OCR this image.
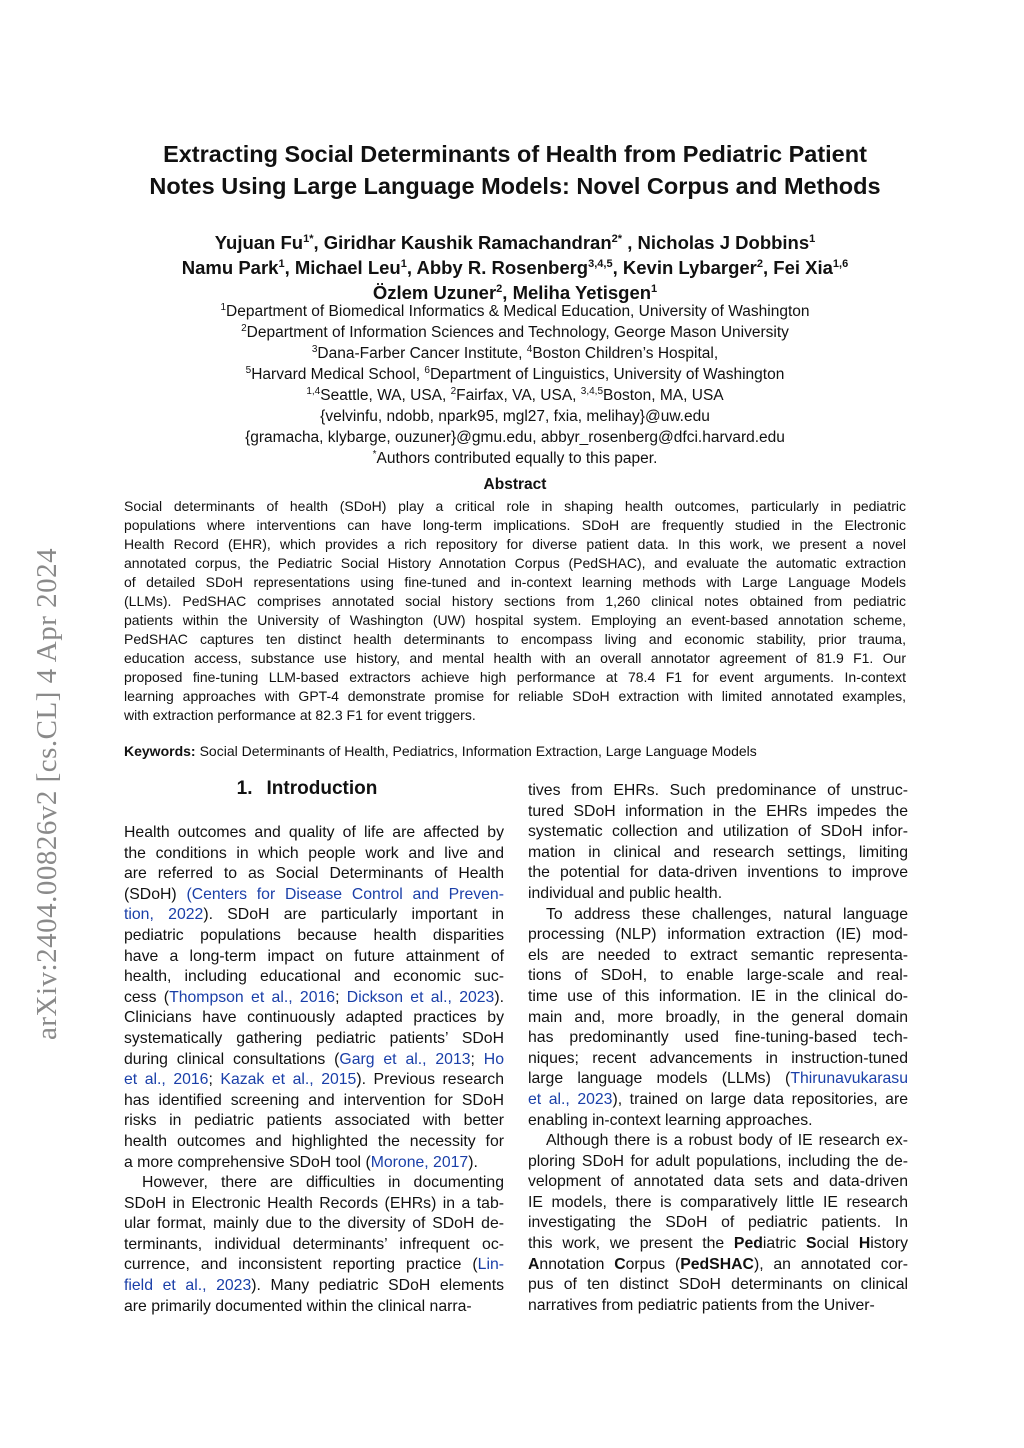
arXiv:2404.00826v2 [cs.CL] 4 Apr 2024
Extracting Social Determinants of Health from Pediatric Patient
Notes Using Large Language Models: Novel Corpus and Methods
Yujuan $Fu^{1*}$, Giridhar Kaushik Ramachandran$^{2*}$ , Nicholas J Dobbins$^1$
Namu Park$^1$, Michael Leu$^1$, Abby R. Rosenberg$^{3,4,5}$, Kevin Lybarger$^2$, Fei Xia$^{1,6}$
Özlem Uzuner$^2$, Meliha Yetisgen$^1$
$^1$Department of Biomedical Informatics & Medical Education, University of Washington
$^2$Department of Information Sciences and Technology, George Mason University
$^3$Dana-Farber Cancer Institute, $^4$Boston Children’s Hospital,
$^5$Harvard Medical School, $^6$Department of Linguistics, University of Washington
$^{1,4}$Seattle, WA, USA, $^2$Fairfax, VA, USA, $^{3,4,5}$Boston, MA, USA
{velvinfu, ndobb, npark95, mgl27, fxia, melihay}@uw.edu
{gramacha, klybarge, ouzuner}@gmu.edu, abbyr_rosenberg@dfci.harvard.edu
*Authors contributed equally to this paper.
Abstract
Social determinants of health (SDoH) play a critical role in shaping health outcomes, particularly in pediatric
populations where interventions can have long-term implications. SDoH are frequently studied in the Electronic
Health Record (EHR), which provides a rich repository for diverse patient data. In this work, we present a novel
annotated corpus, the Pediatric Social History Annotation Corpus (PedSHAC), and evaluate the automatic extraction
of detailed SDoH representations using fine-tuned and in-context learning methods with Large Language Models
(LLMs). PedSHAC comprises annotated social history sections from 1,260 clinical notes obtained from pediatric
patients within the University of Washington (UW) hospital system. Employing an event-based annotation scheme,
PedSHAC captures ten distinct health determinants to encompass living and economic stability, prior trauma,
education access, substance use history, and mental health with an overall annotator agreement of 81.9 F1. Our
proposed fine-tuning LLM-based extractors achieve high performance at 78.4 F1 for event arguments. In-context
learning approaches with GPT-4 demonstrate promise for reliable SDoH extraction with limited annotated examples,
with extraction performance at 82.3 F1 for event triggers.
Keywords: Social Determinants of Health, Pediatrics, Information Extraction, Large Language Models
1. Introduction
Health outcomes and quality of life are affected by
the conditions in which people work and live and
are referred to as Social Determinants of Health
(SDoH) (Centers for Disease Control and Preven-
tion, 2022). SDoH are particularly important in
pediatric populations because health disparities
have a long-term impact on future attainment of
health, including educational and economic suc-
cess (Thompson et al., 2016; Dickson et al., 2023).
Clinicians have continuously adapted practices by
systematically gathering pediatric patients’ SDoH
during clinical consultations (Garg et al., 2013; Ho
et al., 2016; Kazak et al., 2015). Previous research
has identified screening and intervention for SDoH
risks in pediatric patients associated with better
health outcomes and highlighted the necessity for
a more comprehensive SDoH tool (Morone, 2017).
However, there are difficulties in documenting
SDoH in Electronic Health Records (EHRs) in a tab-
ular format, mainly due to the diversity of SDoH de-
terminants, individual determinants’ infrequent oc-
currence, and inconsistent reporting practice (Lin-
field et al., 2023). Many pediatric SDoH elements
are primarily documented within the clinical narra-
tives from EHRs. Such predominance of unstruc-
tured SDoH information in the EHRs impedes the
systematic collection and utilization of SDoH infor-
mation in clinical and research settings, limiting
the potential for data-driven inventions to improve
individual and public health.
To address these challenges, natural language
processing (NLP) information extraction (IE) mod-
els are needed to extract semantic representa-
tions of SDoH, to enable large-scale and real-
time use of this information. IE in the clinical do-
main and, more broadly, in the general domain
has predominantly used fine-tuning-based tech-
niques; recent advancements in instruction-tuned
large language models (LLMs) (Thirunavukarasu
et al., 2023), trained on large data repositories, are
enabling in-context learning approaches.
Although there is a robust body of IE research ex-
ploring SDoH for adult populations, including the de-
velopment of annotated data sets and data-driven
IE models, there is comparatively little IE research
investigating the SDoH of pediatric patients. In
this work, we present the Pediatric Social History
Annotation Corpus (PedSHAC), an annotated cor-
pus of ten distinct SDoH determinants on clinical
narratives from pediatric patients from the Univer-
